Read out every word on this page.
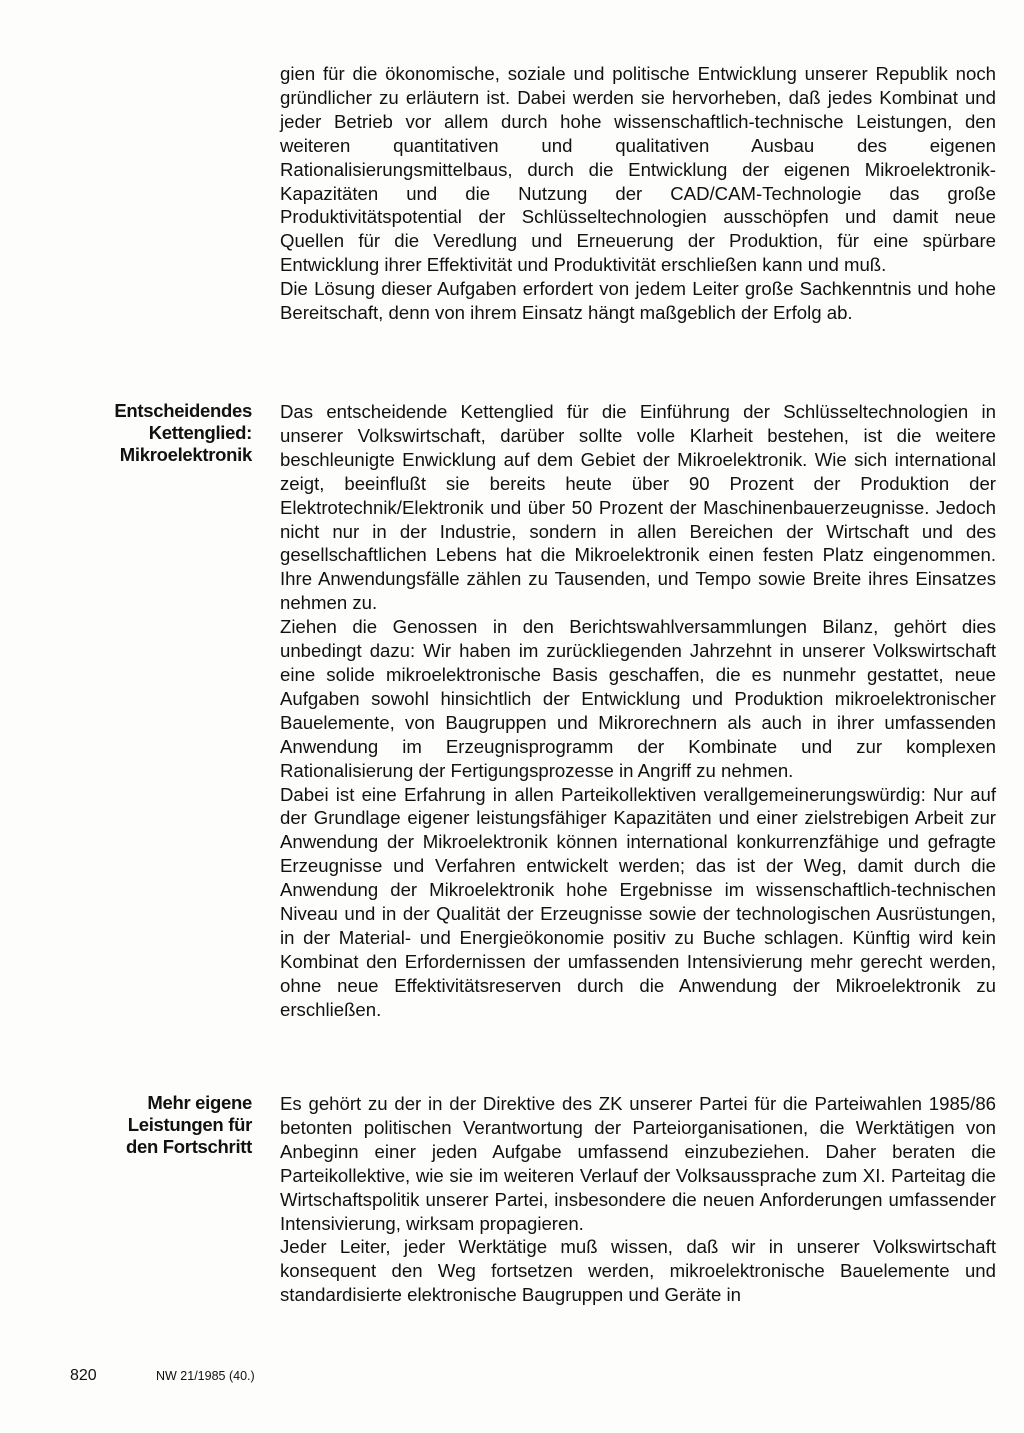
gien für die ökonomische, soziale und politische Entwicklung unserer Republik noch gründlicher zu erläutern ist. Dabei werden sie hervorheben, daß jedes Kombinat und jeder Betrieb vor allem durch hohe wissenschaftlich-technische Leistungen, den weiteren quantitativen und qualitativen Ausbau des eigenen Rationalisierungsmittelbaus, durch die Entwicklung der eigenen Mikroelektronik-Kapazitäten und die Nutzung der CAD/CAM-Technologie das große Produktivitätspotential der Schlüsseltechnologien ausschöpfen und damit neue Quellen für die Veredlung und Erneuerung der Produktion, für eine spürbare Entwicklung ihrer Effektivität und Produktivität erschließen kann und muß.

Die Lösung dieser Aufgaben erfordert von jedem Leiter große Sachkenntnis und hohe Bereitschaft, denn von ihrem Einsatz hängt maßgeblich der Erfolg ab.

Entscheidendes
Kettenglied:
Mikroelektronik

Das entscheidende Kettenglied für die Einführung der Schlüsseltechnologien in unserer Volkswirtschaft, darüber sollte volle Klarheit bestehen, ist die weitere beschleunigte Enwicklung auf dem Gebiet der Mikroelektronik. Wie sich international zeigt, beeinflußt sie bereits heute über 90 Prozent der Produktion der Elektrotechnik/Elektronik und über 50 Prozent der Maschinenbauerzeugnisse. Jedoch nicht nur in der Industrie, sondern in allen Bereichen der Wirtschaft und des gesellschaftlichen Lebens hat die Mikroelektronik einen festen Platz eingenommen. Ihre Anwendungsfälle zählen zu Tausenden, und Tempo sowie Breite ihres Einsatzes nehmen zu.

Ziehen die Genossen in den Berichtswahlversammlungen Bilanz, gehört dies unbedingt dazu: Wir haben im zurückliegenden Jahrzehnt in unserer Volkswirtschaft eine solide mikroelektronische Basis geschaffen, die es nunmehr gestattet, neue Aufgaben sowohl hinsichtlich der Entwicklung und Produktion mikroelektronischer Bauelemente, von Baugruppen und Mikrorechnern als auch in ihrer umfassenden Anwendung im Erzeugnisprogramm der Kombinate und zur komplexen Rationalisierung der Fertigungsprozesse in Angriff zu nehmen.

Dabei ist eine Erfahrung in allen Parteikollektiven verallgemeinerungswürdig: Nur auf der Grundlage eigener leistungsfähiger Kapazitäten und einer zielstrebigen Arbeit zur Anwendung der Mikroelektronik können international konkurrenzfähige und gefragte Erzeugnisse und Verfahren entwickelt werden; das ist der Weg, damit durch die Anwendung der Mikroelektronik hohe Ergebnisse im wissenschaftlich-technischen Niveau und in der Qualität der Erzeugnisse sowie der technologischen Ausrüstungen, in der Material- und Energieökonomie positiv zu Buche schlagen. Künftig wird kein Kombinat den Erfordernissen der umfassenden Intensivierung mehr gerecht werden, ohne neue Effektivitätsreserven durch die Anwendung der Mikroelektronik zu erschließen.

Mehr eigene
Leistungen für
den Fortschritt

Es gehört zu der in der Direktive des ZK unserer Partei für die Parteiwahlen 1985/86 betonten politischen Verantwortung der Parteiorganisationen, die Werktätigen von Anbeginn einer jeden Aufgabe umfassend einzubeziehen. Daher beraten die Parteikollektive, wie sie im weiteren Verlauf der Volksaussprache zum XI. Parteitag die Wirtschaftspolitik unserer Partei, insbesondere die neuen Anforderungen umfassender Intensivierung, wirksam propagieren.

Jeder Leiter, jeder Werktätige muß wissen, daß wir in unserer Volkswirtschaft konsequent den Weg fortsetzen werden, mikroelektronische Bauelemente und standardisierte elektronische Baugruppen und Geräte in

820	NW 21/1985 (40.)
